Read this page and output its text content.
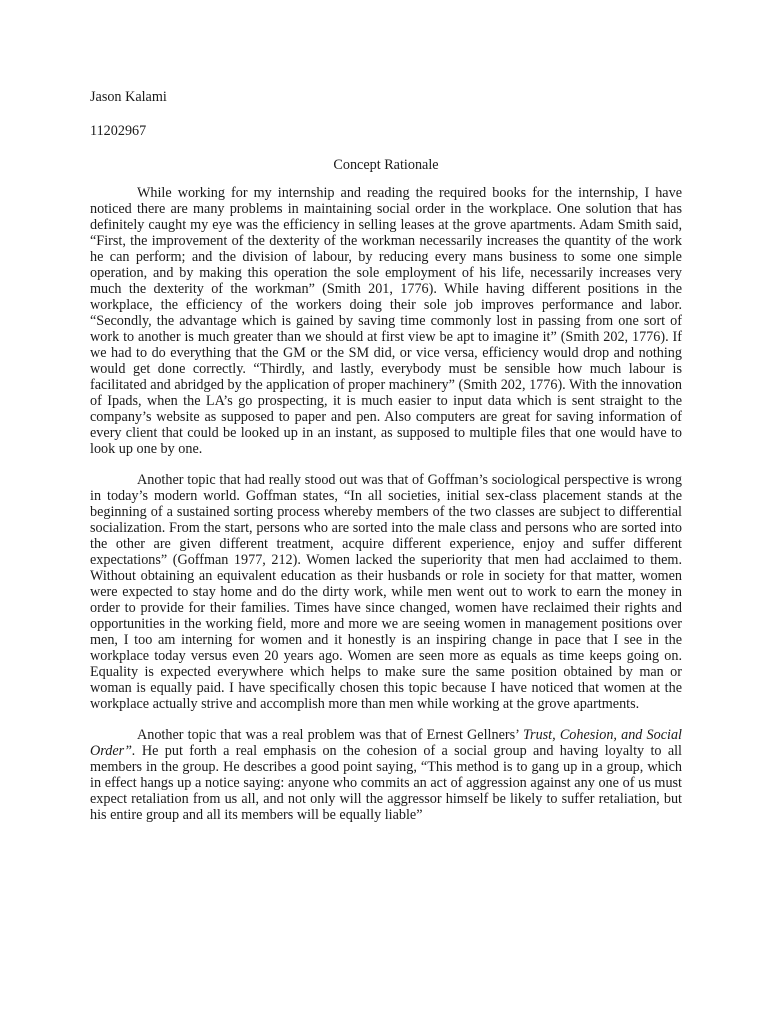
Jason Kalami

11202967

Concept Rationale

While working for my internship and reading the required books for the internship, I have noticed there are many problems in maintaining social order in the workplace. One solution that has definitely caught my eye was the efficiency in selling leases at the grove apartments. Adam Smith said, “First, the improvement of the dexterity of the workman necessarily increases the quantity of the work he can perform; and the division of labour, by reducing every mans business to some one simple operation, and by making this operation the sole employment of his life, necessarily increases very much the dexterity of the workman” (Smith 201, 1776). While having different positions in the workplace, the efficiency of the workers doing their sole job improves performance and labor. “Secondly, the advantage which is gained by saving time commonly lost in passing from one sort of work to another is much greater than we should at first view be apt to imagine it” (Smith 202, 1776). If we had to do everything that the GM or the SM did, or vice versa, efficiency would drop and nothing would get done correctly. “Thirdly, and lastly, everybody must be sensible how much labour is facilitated and abridged by the application of proper machinery” (Smith 202, 1776). With the innovation of Ipads, when the LA’s go prospecting, it is much easier to input data which is sent straight to the company’s website as supposed to paper and pen. Also computers are great for saving information of every client that could be looked up in an instant, as supposed to multiple files that one would have to look up one by one.

Another topic that had really stood out was that of Goffman’s sociological perspective is wrong in today’s modern world. Goffman states, “In all societies, initial sex-class placement stands at the beginning of a sustained sorting process whereby members of the two classes are subject to differential socialization. From the start, persons who are sorted into the male class and persons who are sorted into the other are given different treatment, acquire different experience, enjoy and suffer different expectations” (Goffman 1977, 212). Women lacked the superiority that men had acclaimed to them. Without obtaining an equivalent education as their husbands or role in society for that matter, women were expected to stay home and do the dirty work, while men went out to work to earn the money in order to provide for their families. Times have since changed, women have reclaimed their rights and opportunities in the working field, more and more we are seeing women in management positions over men, I too am interning for women and it honestly is an inspiring change in pace that I see in the workplace today versus even 20 years ago. Women are seen more as equals as time keeps going on. Equality is expected everywhere which helps to make sure the same position obtained by man or woman is equally paid. I have specifically chosen this topic because I have noticed that women at the workplace actually strive and accomplish more than men while working at the grove apartments.

Another topic that was a real problem was that of Ernest Gellners’ Trust, Cohesion, and Social Order”. He put forth a real emphasis on the cohesion of a social group and having loyalty to all members in the group. He describes a good point saying, “This method is to gang up in a group, which in effect hangs up a notice saying: anyone who commits an act of aggression against any one of us must expect retaliation from us all, and not only will the aggressor himself be likely to suffer retaliation, but his entire group and all its members will be equally liable”
